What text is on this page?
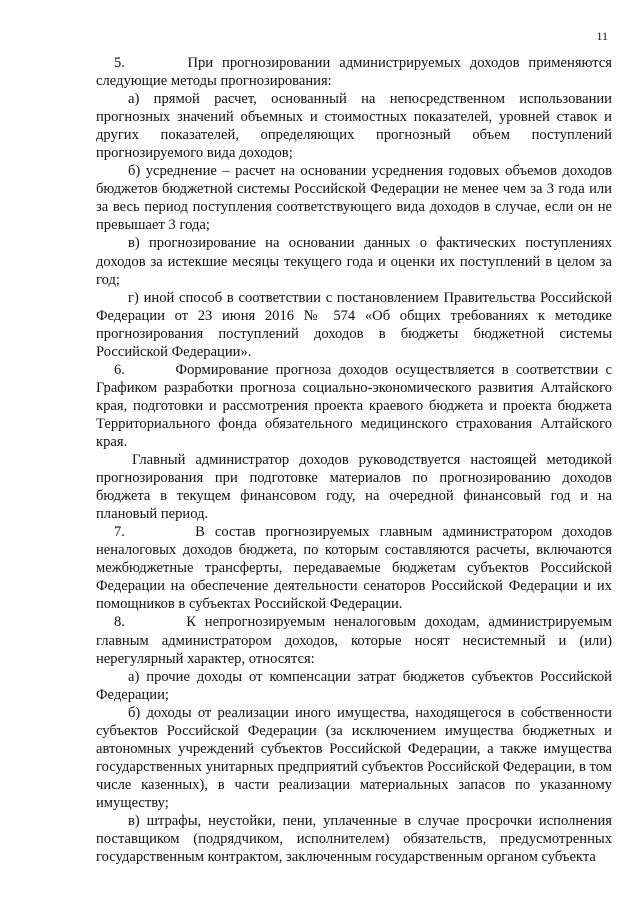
11

5.       При прогнозировании администрируемых доходов применяются следующие методы прогнозирования:

а) прямой расчет, основанный на непосредственном использовании прогнозных значений объемных и стоимостных показателей, уровней ставок и других показателей, определяющих прогнозный объем поступлений прогнозируемого вида доходов;

б) усреднение – расчет на основании усреднения годовых объемов доходов бюджетов бюджетной системы Российской Федерации не менее чем за 3 года или за весь период поступления соответствующего вида доходов в случае, если он не превышает 3 года;

в) прогнозирование на основании данных о фактических поступлениях доходов за истекшие месяцы текущего года и оценки их поступлений в целом за год;

г) иной способ в соответствии с постановлением Правительства Российской Федерации от 23 июня 2016 № 574 «Об общих требованиях к методике прогнозирования поступлений доходов в бюджеты бюджетной системы Российской Федерации».

6.       Формирование прогноза доходов осуществляется в соответствии с Графиком разработки прогноза социально-экономического развития Алтайского края, подготовки и рассмотрения проекта краевого бюджета и проекта бюджета Территориального фонда обязательного медицинского страхования Алтайского края.

Главный администратор доходов руководствуется настоящей методикой прогнозирования при подготовке материалов по прогнозированию доходов бюджета в текущем финансовом году, на очередной финансовый год и на плановый период.

7.       В состав прогнозируемых главным администратором доходов неналоговых доходов бюджета, по которым составляются расчеты, включаются межбюджетные трансферты, передаваемые бюджетам субъектов Российской Федерации на обеспечение деятельности сенаторов Российской Федерации и их помощников в субъектах Российской Федерации.

8.       К непрогнозируемым неналоговым доходам, администрируемым главным администратором доходов, которые носят несистемный и (или) нерегулярный характер, относятся:

а) прочие доходы от компенсации затрат бюджетов субъектов Российской Федерации;

б) доходы от реализации иного имущества, находящегося в собственности субъектов Российской Федерации (за исключением имущества бюджетных и автономных учреждений субъектов Российской Федерации, а также имущества государственных унитарных предприятий субъектов Российской Федерации, в том числе казенных), в части реализации материальных запасов по указанному имуществу;

в) штрафы, неустойки, пени, уплаченные в случае просрочки исполнения поставщиком (подрядчиком, исполнителем) обязательств, предусмотренных государственным контрактом, заключенным государственным органом субъекта
